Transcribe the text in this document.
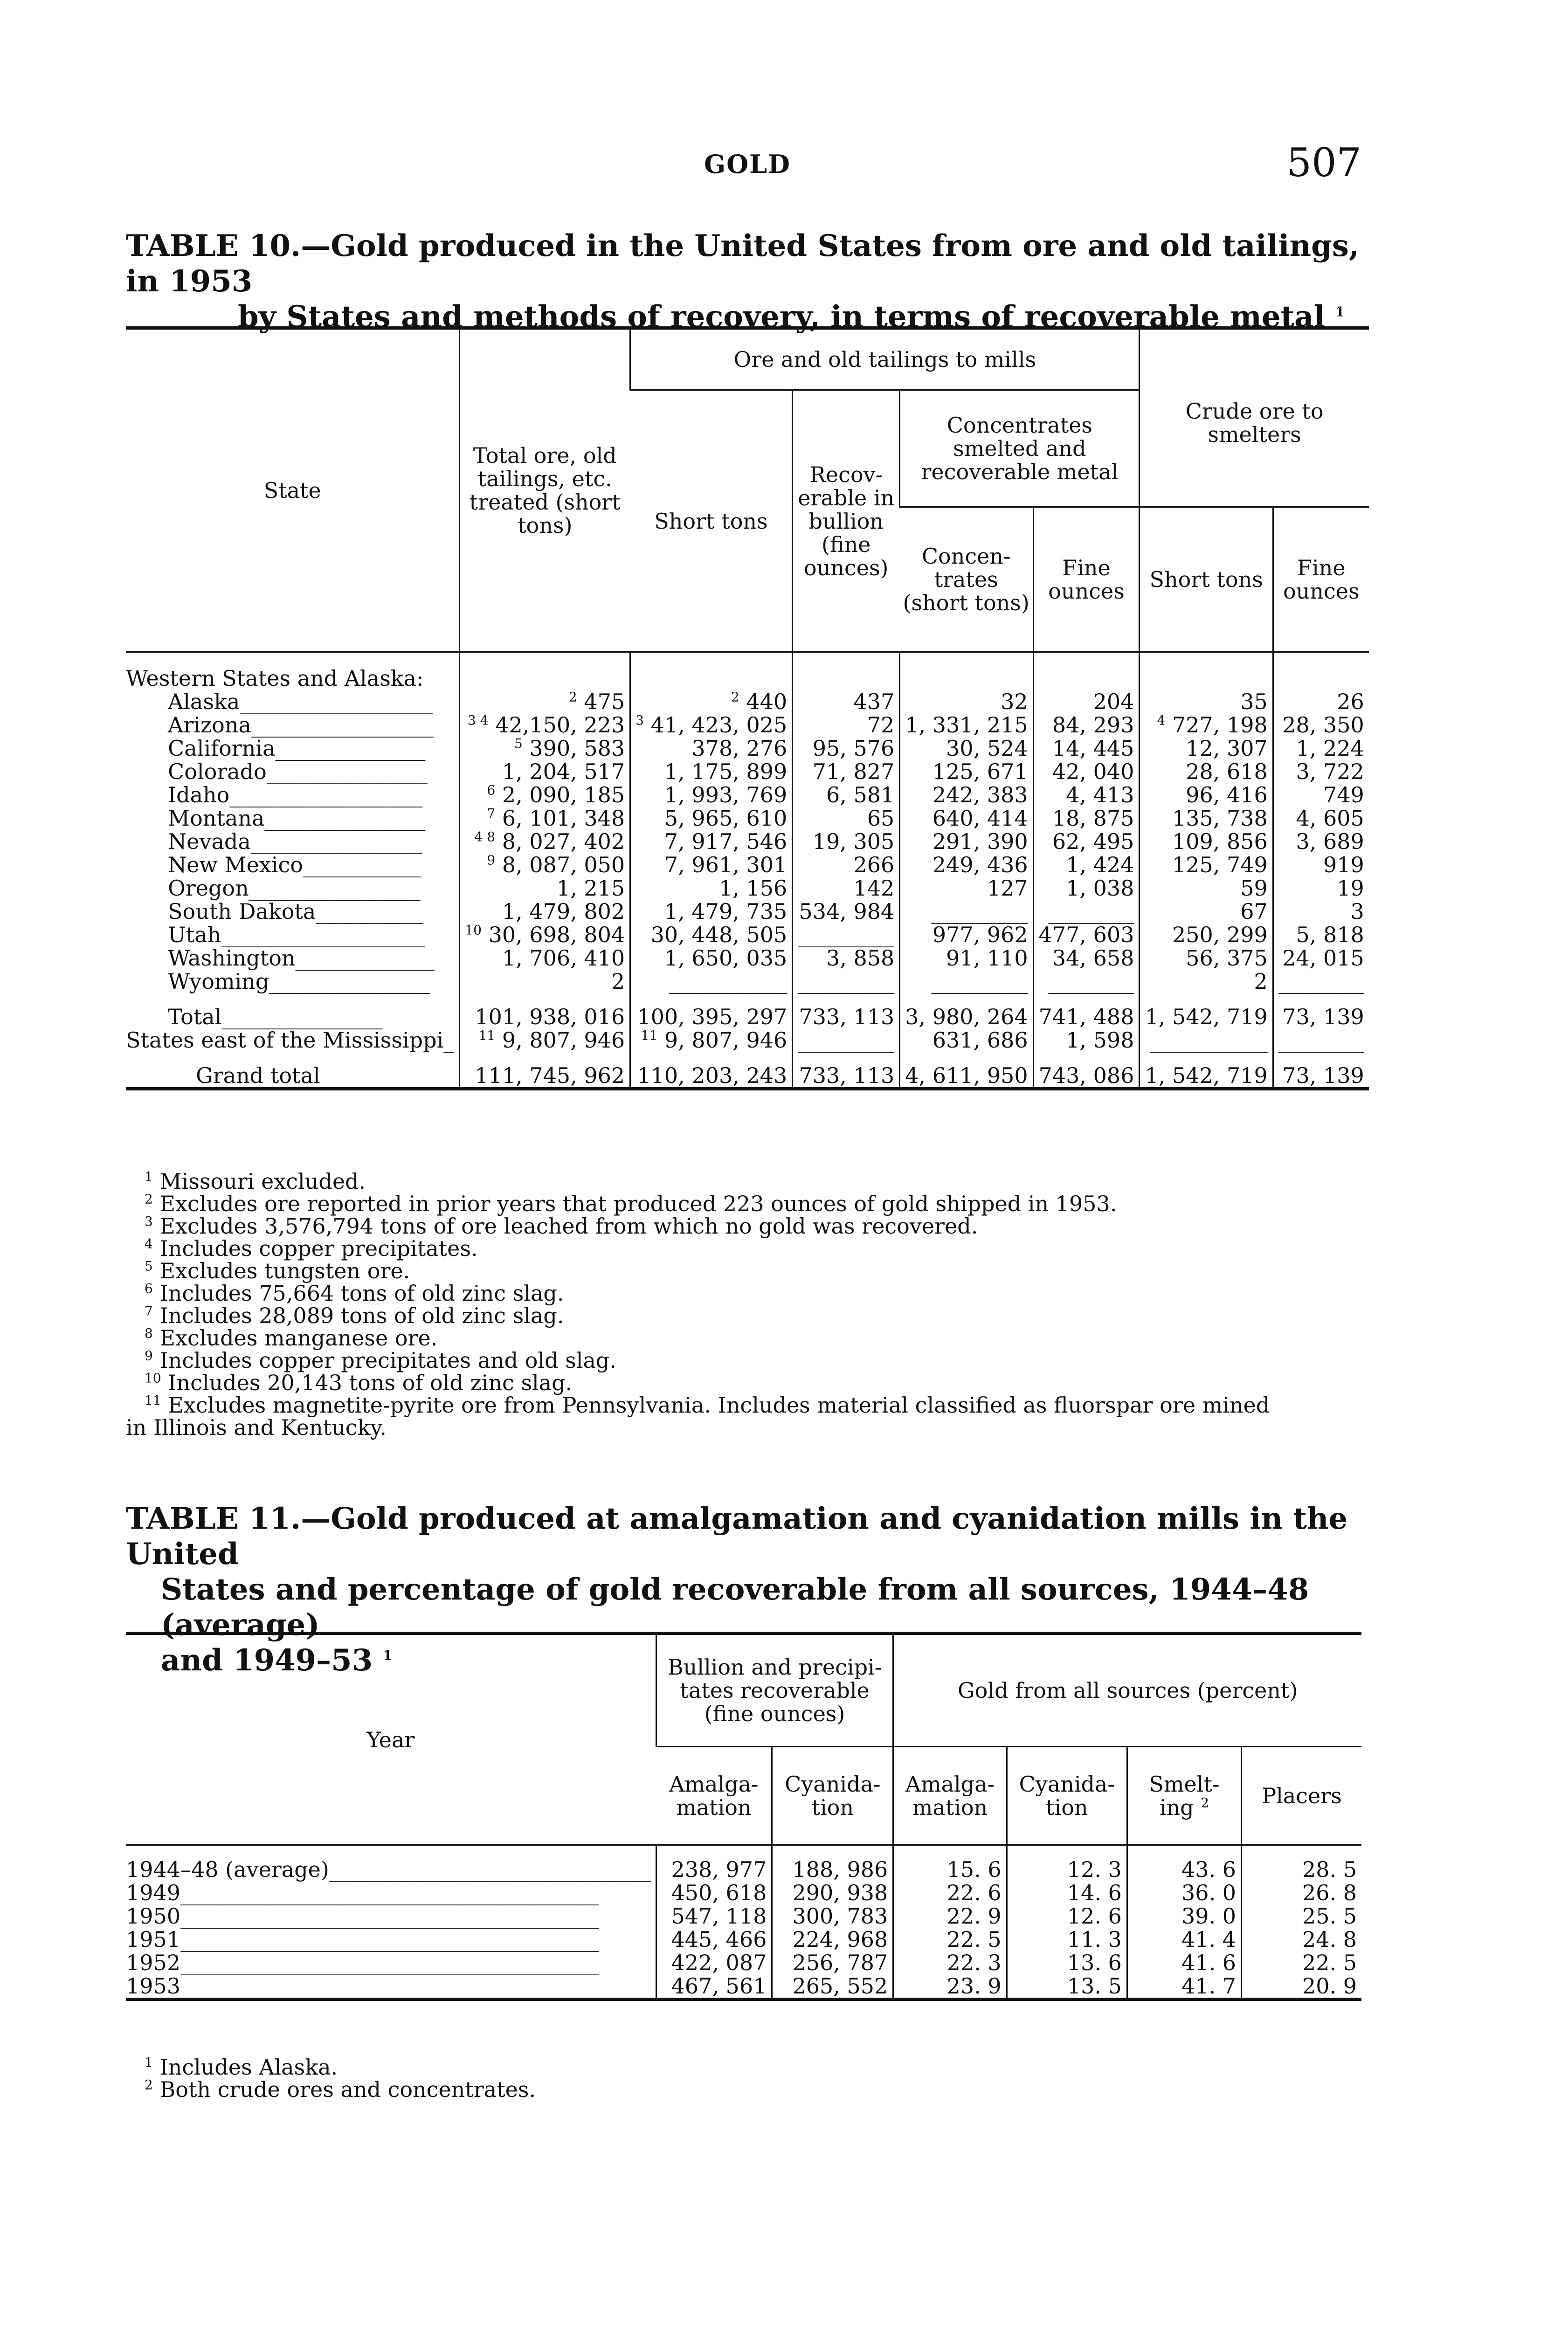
GOLD	507
TABLE 10.—Gold produced in the United States from ore and old tailings, in 1953
by States and methods of recovery, in terms of recoverable metal $^1$
State	Total ore, old tailings, etc. treated (short tons)	Ore and old tailings to mills				Crude ore to smelters	
		Short tons	Recov-erable in bullion (fine ounces)	Concentrates smelted and recoverable metal			
				Concen-trates (short tons)	Fine ounces	Short tons	Fine ounces
Western States and Alaska:							
Alaska__________________	$^2$ 475	$^2$ 440	437	32	204	35	26
Arizona_________________	$^{3 4}$ 42,150, 223	$^3$ 41, 423, 025	72	1, 331, 215	84, 293	$^4$ 727, 198	28, 350
California______________	$^5$ 390, 583	378, 276	95, 576	30, 524	14, 445	12, 307	1, 224
Colorado_______________	1, 204, 517	1, 175, 899	71, 827	125, 671	42, 040	28, 618	3, 722
Idaho__________________	$^6$ 2, 090, 185	1, 993, 769	6, 581	242, 383	4, 413	96, 416	749
Montana_______________	$^7$ 6, 101, 348	5, 965, 610	65	640, 414	18, 875	135, 738	4, 605
Nevada________________	$^{4 8}$ 8, 027, 402	7, 917, 546	19, 305	291, 390	62, 495	109, 856	3, 689
New Mexico___________	$^9$ 8, 087, 050	7, 961, 301	266	249, 436	1, 424	125, 749	919
Oregon________________	1, 215	1, 156	142	127	1, 038	59	19
South Dakota__________	1, 479, 802	1, 479, 735	534, 984	_________	________	67	3
Utah___________________	$^{10}$ 30, 698, 804	30, 448, 505	_________	977, 962	477, 603	250, 299	5, 818
Washington_____________	1, 706, 410	1, 650, 035	3, 858	91, 110	34, 658	56, 375	24, 015
Wyoming_______________	2	___________	_________	_________	________	2	________

Total_______________	101, 938, 016	100, 395, 297	733, 113	3, 980, 264	741, 488	1, 542, 719	73, 139
States east of the Mississippi_	$^{11}$ 9, 807, 946	$^{11}$ 9, 807, 946	_________	631, 686	1, 598	___________	________

Grand total___________	111, 745, 962	110, 203, 243	733, 113	4, 611, 950	743, 086	1, 542, 719	73, 139
$^1$ Missouri excluded.
$^2$ Excludes ore reported in prior years that produced 223 ounces of gold shipped in 1953.
$^3$ Excludes 3,576,794 tons of ore leached from which no gold was recovered.
$^4$ Includes copper precipitates.
$^5$ Excludes tungsten ore.
$^6$ Includes 75,664 tons of old zinc slag.
$^7$ Includes 28,089 tons of old zinc slag.
$^8$ Excludes manganese ore.
$^9$ Includes copper precipitates and old slag.
$^{10}$ Includes 20,143 tons of old zinc slag.
$^{11}$ Excludes magnetite-pyrite ore from Pennsylvania. Includes material classified as fluorspar ore mined
in Illinois and Kentucky.
TABLE 11.—Gold produced at amalgamation and cyanidation mills in the United
States and percentage of gold recoverable from all sources, 1944–48 (average)
and 1949–53 $^1$
Year	Bullion and precipi-tates recoverable (fine ounces)		Gold from all sources (percent)			
	Amalga-mation	Cyanida-tion	Amalga-mation	Cyanida-tion	Smelt-ing $^2$	Placers

1944–48 (average)______________________________	238, 977	188, 986	15. 6	12. 3	43. 6	28. 5
1949_______________________________________	450, 618	290, 938	22. 6	14. 6	36. 0	26. 8
1950_______________________________________	547, 118	300, 783	22. 9	12. 6	39. 0	25. 5
1951_______________________________________	445, 466	224, 968	22. 5	11. 3	41. 4	24. 8
1952_______________________________________	422, 087	256, 787	22. 3	13. 6	41. 6	22. 5
1953_______________________________________	467, 561	265, 552	23. 9	13. 5	41. 7	20. 9
$^1$ Includes Alaska.
$^2$ Both crude ores and concentrates.
